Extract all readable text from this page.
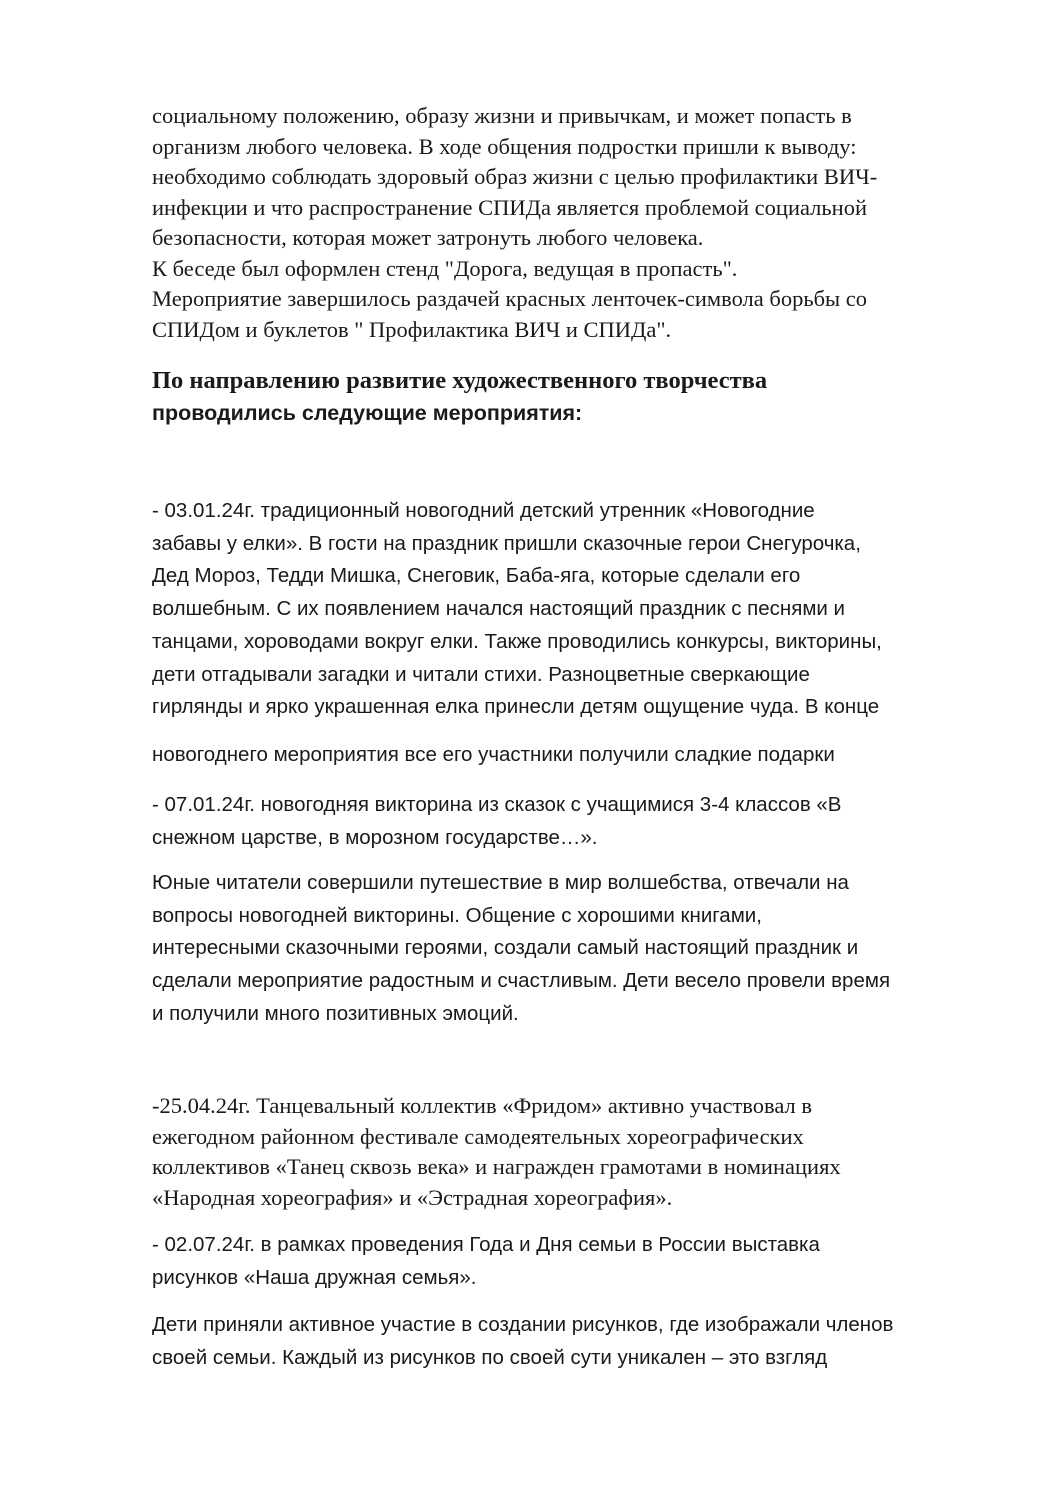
социальному положению, образу жизни и привычкам, и может попасть в
организм любого человека. В ходе общения подростки пришли к выводу:
необходимо соблюдать здоровый образ жизни с целью профилактики ВИЧ-
инфекции и что распространение СПИДа является проблемой социальной
безопасности, которая может затронуть любого человека.
К беседе был оформлен стенд "Дорога, ведущая в пропасть".
Мероприятие завершилось раздачей красных ленточек-символа борьбы со
СПИДом и буклетов " Профилактика ВИЧ и СПИДа".
По направлению развитие художественного творчества
проводились следующие мероприятия:
- 03.01.24г. традиционный новогодний детский утренник «Новогодние
забавы у елки». В гости на праздник пришли сказочные герои Снегурочка,
Дед Мороз, Тедди Мишка, Снеговик, Баба-яга, которые сделали его
волшебным. С их появлением начался настоящий праздник с песнями и
танцами, хороводами вокруг елки. Также проводились конкурсы, викторины,
дети отгадывали загадки и читали стихи. Разноцветные сверкающие
гирлянды и ярко украшенная елка принесли детям ощущение чуда. В конце
новогоднего мероприятия все его участники получили сладкие подарки
- 07.01.24г. новогодняя викторина из сказок с учащимися 3-4 классов «В
снежном царстве, в морозном государстве…».
Юные читатели совершили путешествие в мир волшебства, отвечали на
вопросы новогодней викторины. Общение с хорошими книгами,
интересными сказочными героями, создали самый настоящий праздник и
сделали мероприятие радостным и счастливым. Дети весело провели время
и получили много позитивных эмоций.
-25.04.24г. Танцевальный коллектив «Фридом» активно участвовал в
ежегодном районном фестивале самодеятельных хореографических
коллективов «Танец сквозь века» и награжден грамотами в номинациях
«Народная хореография» и «Эстрадная хореография».
- 02.07.24г. в рамках проведения Года и Дня семьи в России выставка
рисунков «Наша дружная семья».
Дети приняли активное участие в создании рисунков, где изображали членов
своей семьи. Каждый из рисунков по своей сути уникален – это взгляд
